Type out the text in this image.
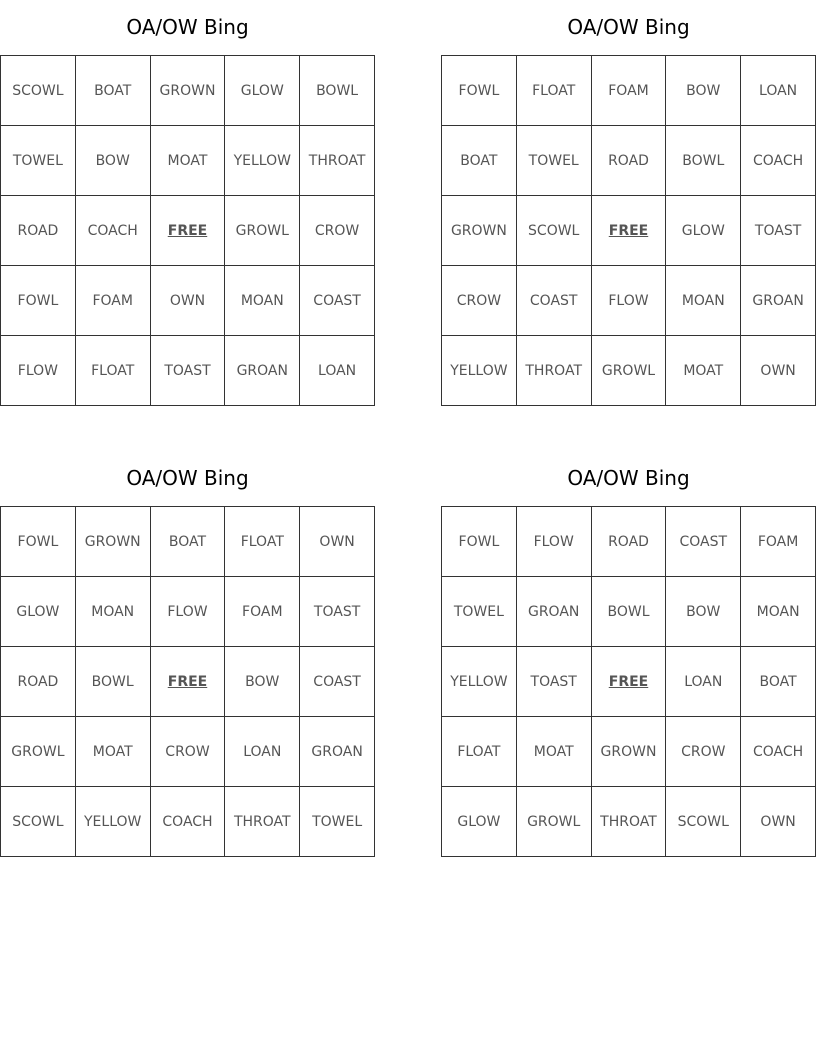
OA/OW Bing
SCOWL	BOAT	GROWN	GLOW	BOWL
TOWEL	BOW	MOAT	YELLOW	THROAT
ROAD	COACH	FREE	GROWL	CROW
FOWL	FOAM	OWN	MOAN	COAST
FLOW	FLOAT	TOAST	GROAN	LOAN
OA/OW Bing
FOWL	FLOAT	FOAM	BOW	LOAN
BOAT	TOWEL	ROAD	BOWL	COACH
GROWN	SCOWL	FREE	GLOW	TOAST
CROW	COAST	FLOW	MOAN	GROAN
YELLOW	THROAT	GROWL	MOAT	OWN
OA/OW Bing
FOWL	GROWN	BOAT	FLOAT	OWN
GLOW	MOAN	FLOW	FOAM	TOAST
ROAD	BOWL	FREE	BOW	COAST
GROWL	MOAT	CROW	LOAN	GROAN
SCOWL	YELLOW	COACH	THROAT	TOWEL
OA/OW Bing
FOWL	FLOW	ROAD	COAST	FOAM
TOWEL	GROAN	BOWL	BOW	MOAN
YELLOW	TOAST	FREE	LOAN	BOAT
FLOAT	MOAT	GROWN	CROW	COACH
GLOW	GROWL	THROAT	SCOWL	OWN
